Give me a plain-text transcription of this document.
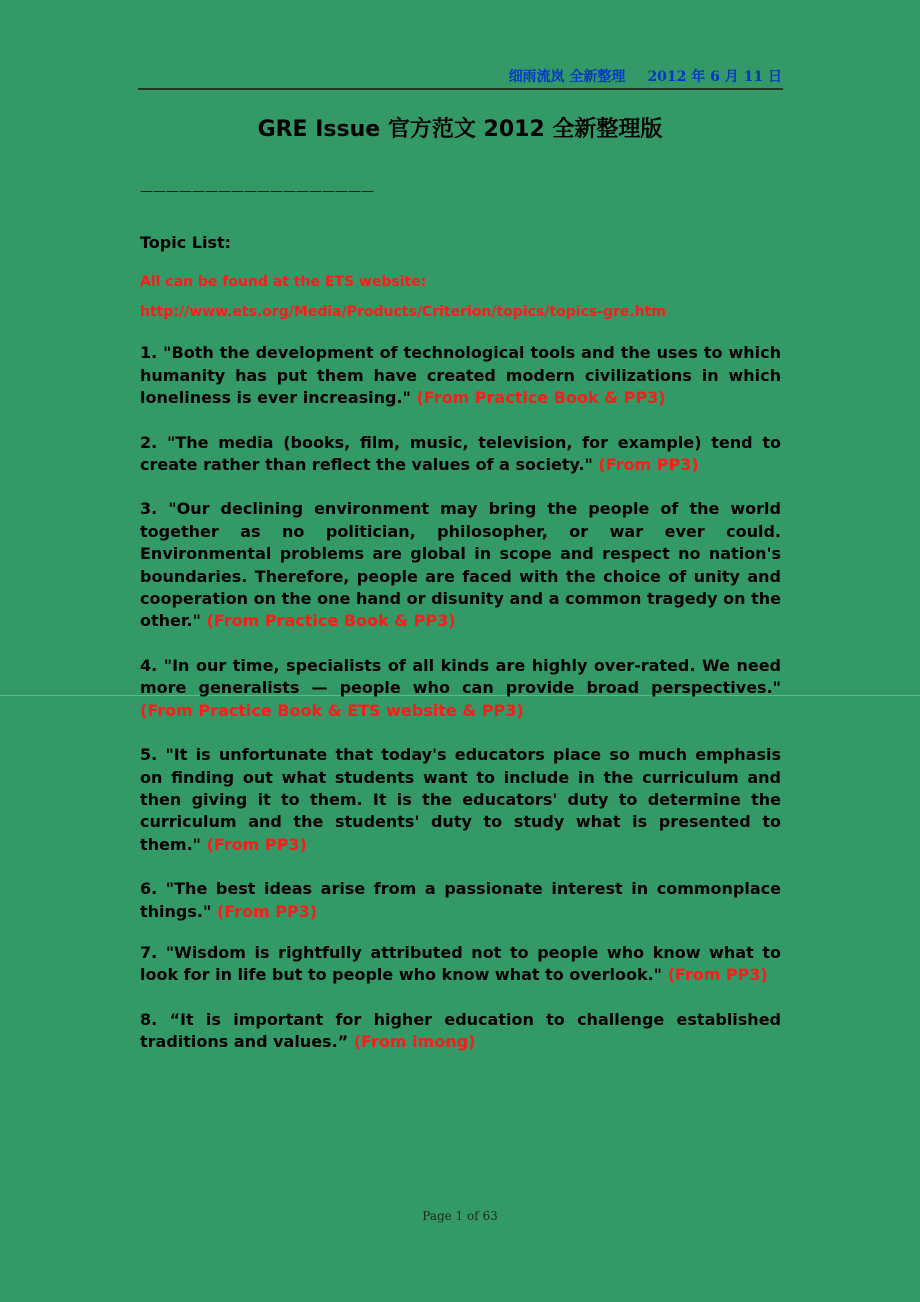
细雨流岚 全新整理 2012 年 6 月 11 日
GRE Issue 官方范文 2012 全新整理版
——————————————————
Topic List:
All can be found at the ETS website:
http://www.ets.org/Media/Products/Criterion/topics/topics-gre.htm
1. "Both the development of technological tools and the uses to which humanity has put them have created modern civilizations in which loneliness is ever increasing." (From Practice Book & PP3)
2. "The media (books, film, music, television, for example) tend to create rather than reflect the values of a society." (From PP3)
3. "Our declining environment may bring the people of the world together as no politician, philosopher, or war ever could. Environmental problems are global in scope and respect no nation's boundaries. Therefore, people are faced with the choice of unity and cooperation on the one hand or disunity and a common tragedy on the other." (From Practice Book & PP3)
4. "In our time, specialists of all kinds are highly over-rated. We need more generalists — people who can provide broad perspectives." (From Practice Book & ETS website & PP3)
5. "It is unfortunate that today's educators place so much emphasis on finding out what students want to include in the curriculum and then giving it to them. It is the educators' duty to determine the curriculum and the students' duty to study what is presented to them." (From PP3)
6. "The best ideas arise from a passionate interest in commonplace things." (From PP3)
7. "Wisdom is rightfully attributed not to people who know what to look for in life but to people who know what to overlook." (From PP3)
8. “It is important for higher education to challenge established traditions and values.” (From imong)
Page 1 of 63
